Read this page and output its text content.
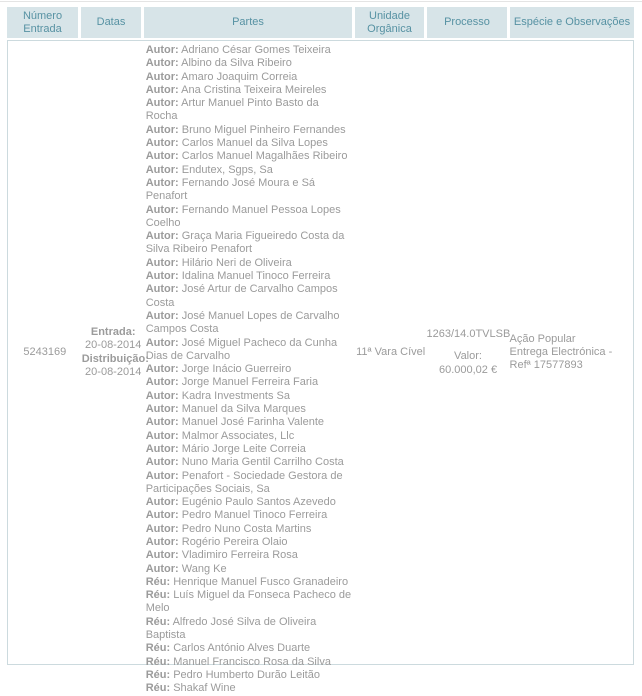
Número Entrada
Datas	Partes
Unidade Orgânica
Processo	Espécie e Observações
5243169
Entrada:
20-08-2014
Distribuição:
20-08-2014
Autor: Adriano César Gomes Teixeira
Autor: Albino da Silva Ribeiro
Autor: Amaro Joaquim Correia
Autor: Ana Cristina Teixeira Meireles
Autor: Artur Manuel Pinto Basto da Rocha
Autor: Bruno Miguel Pinheiro Fernandes
Autor: Carlos Manuel da Silva Lopes
Autor: Carlos Manuel Magalhães Ribeiro
Autor: Endutex, Sgps, Sa
Autor: Fernando José Moura e Sá Penafort
Autor: Fernando Manuel Pessoa Lopes Coelho
Autor: Graça Maria Figueiredo Costa da Silva Ribeiro Penafort
Autor: Hilário Neri de Oliveira
Autor: Idalina Manuel Tinoco Ferreira
Autor: José Artur de Carvalho Campos Costa
Autor: José Manuel Lopes de Carvalho Campos Costa
Autor: José Miguel Pacheco da Cunha Dias de Carvalho
Autor: Jorge Inácio Guerreiro
Autor: Jorge Manuel Ferreira Faria
Autor: Kadra Investments Sa
Autor: Manuel da Silva Marques
Autor: Manuel José Farinha Valente
Autor: Malmor Associates, Llc
Autor: Mário Jorge Leite Correia
Autor: Nuno Maria Gentil Carrilho Costa
Autor: Penafort - Sociedade Gestora de Participações Sociais, Sa
Autor: Eugénio Paulo Santos Azevedo
Autor: Pedro Manuel Tinoco Ferreira
Autor: Pedro Nuno Costa Martins
Autor: Rogério Pereira Olaio
Autor: Vladimiro Ferreira Rosa
Autor: Wang Ke
Réu: Henrique Manuel Fusco Granadeiro
Réu: Luís Miguel da Fonseca Pacheco de Melo
Réu: Alfredo José Silva de Oliveira Baptista
Réu: Carlos António Alves Duarte
Réu: Manuel Francisco Rosa da Silva
Réu: Pedro Humberto Durão Leitão
Réu: Shakaf Wine
11ª Vara Cível
1263/14.0TVLSB
Valor:
60.000,02 €
Ação Popular
Entrega Electrónica - Refª 17577893
